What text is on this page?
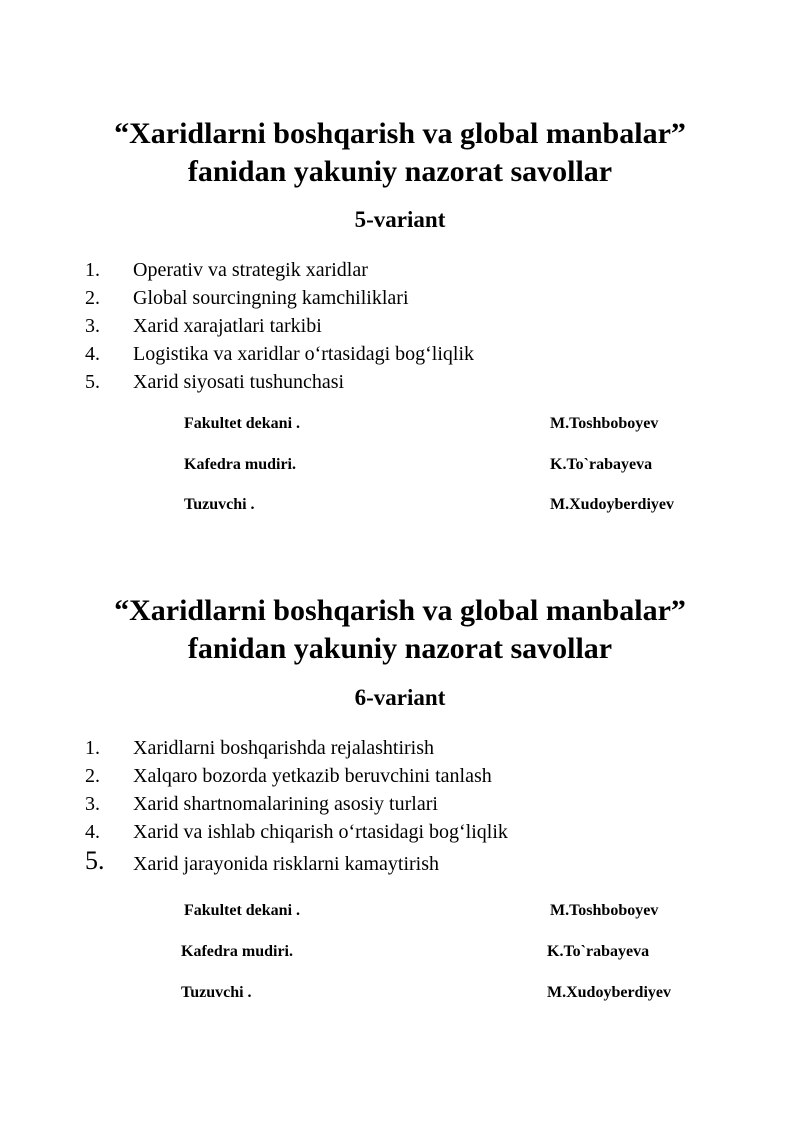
“Xaridlarni boshqarish va global manbalar”

fanidan yakuniy nazorat savollar

5-variant
1. Operativ va strategik xaridlar
2. Global sourcingning kamchiliklari
3. Xarid xarajatlari tarkibi
4. Logistika va xaridlar o‘rtasidagi bog‘liqlik
5. Xarid siyosati tushunchasi
Fakultet dekani .	M.Toshboboyev
Kafedra mudiri.	K.To`rabayeva
Tuzuvchi .	M.Xudoyberdiyev

“Xaridlarni boshqarish va global manbalar”

fanidan yakuniy nazorat savollar

6-variant
1. Xaridlarni boshqarishda rejalashtirish
2. Xalqaro bozorda yetkazib beruvchini tanlash
3. Xarid shartnomalarining asosiy turlari
4. Xarid va ishlab chiqarish o‘rtasidagi bog‘liqlik
5. Xarid jarayonida risklarni kamaytirish
Fakultet dekani .	M.Toshboboyev
Kafedra mudiri.	K.To`rabayeva
Tuzuvchi .	M.Xudoyberdiyev
